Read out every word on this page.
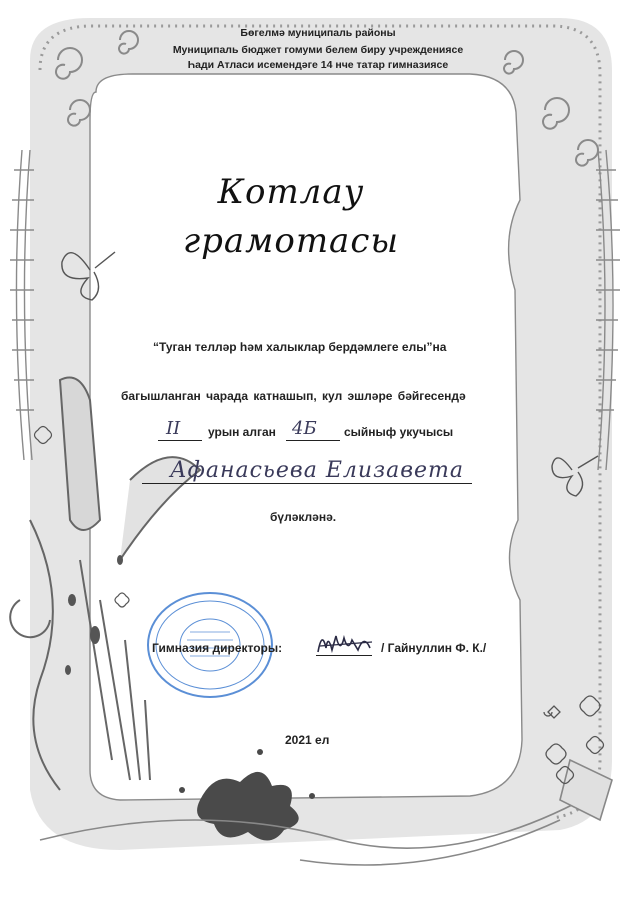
Бөгелмә муниципаль районы
Муниципаль бюджет гомуми белем биру учреждениясе
Һади Атласи исемендәге 14 нче татар гимназиясе
Котлау
грамотасы
“Туган телләр һәм халыклар бердәмлеге елы”на
багышланган чарада катнашып, кул эшләре бәйгесендә
II урын алган 4Б сыйныф укучысы
Афанасьева Елизавета
бүләкләнә.
Гимназия директоры:	/ Гайнуллин Ф. К./
2021 ел
